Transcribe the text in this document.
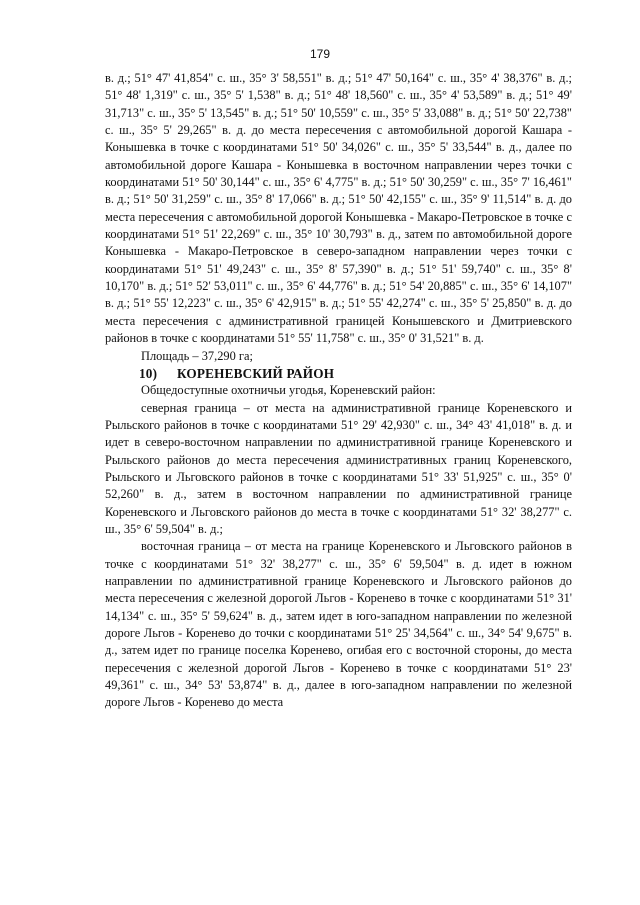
179

в. д.; 51° 47' 41,854" с. ш., 35° 3' 58,551" в. д.; 51° 47' 50,164" с. ш., 35° 4' 38,376" в. д.; 51° 48' 1,319" с. ш., 35° 5' 1,538" в. д.; 51° 48' 18,560" с. ш., 35° 4' 53,589" в. д.; 51° 49' 31,713" с. ш., 35° 5' 13,545" в. д.; 51° 50' 10,559" с. ш., 35° 5' 33,088" в. д.; 51° 50' 22,738" с. ш., 35° 5' 29,265" в. д. до места пересечения с автомобильной дорогой Кашара - Конышевка в точке с координатами 51° 50' 34,026" с. ш., 35° 5' 33,544" в. д., далее по автомобильной дороге Кашара - Конышевка в восточном направлении через точки с координатами 51° 50' 30,144" с. ш., 35° 6' 4,775" в. д.; 51° 50' 30,259" с. ш., 35° 7' 16,461" в. д.; 51° 50' 31,259" с. ш., 35° 8' 17,066" в. д.; 51° 50' 42,155" с. ш., 35° 9' 11,514" в. д. до места пересечения с автомобильной дорогой Конышевка - Макаро-Петровское в точке с координатами 51° 51' 22,269" с. ш., 35° 10' 30,793" в. д., затем по автомобильной дороге Конышевка - Макаро-Петровское в северо-западном направлении через точки с координатами 51° 51' 49,243" с. ш., 35° 8' 57,390" в. д.; 51° 51' 59,740" с. ш., 35° 8' 10,170" в. д.; 51° 52' 53,011" с. ш., 35° 6' 44,776" в. д.; 51° 54' 20,885" с. ш., 35° 6' 14,107" в. д.; 51° 55' 12,223" с. ш., 35° 6' 42,915" в. д.; 51° 55' 42,274" с. ш., 35° 5' 25,850" в. д. до места пересечения с административной границей Конышевского и Дмитриевского районов в точке с координатами 51° 55' 11,758" с. ш., 35° 0' 31,521" в. д.

Площадь – 37,290 га;

10) КОРЕНЕВСКИЙ РАЙОН

Общедоступные охотничьи угодья, Кореневский район:

северная граница – от места на административной границе Кореневского и Рыльского районов в точке с координатами 51° 29' 42,930" с. ш., 34° 43' 41,018" в. д. и идет в северо-восточном направлении по административной границе Кореневского и Рыльского районов до места пересечения административных границ Кореневского, Рыльского и Льговского районов в точке с координатами 51° 33' 51,925" с. ш., 35° 0' 52,260" в. д., затем в восточном направлении по административной границе Кореневского и Льговского районов до места в точке с координатами 51° 32' 38,277" с. ш., 35° 6' 59,504" в. д.;

восточная граница – от места на границе Кореневского и Льговского районов в точке с координатами 51° 32' 38,277" с. ш., 35° 6' 59,504" в. д. идет в южном направлении по административной границе Кореневского и Льговского районов до места пересечения с железной дорогой Льгов - Коренево в точке с координатами 51° 31' 14,134" с. ш., 35° 5' 59,624" в. д., затем идет в юго-западном направлении по железной дороге Льгов - Коренево до точки с координатами 51° 25' 34,564" с. ш., 34° 54' 9,675" в. д., затем идет по границе поселка Коренево, огибая его с восточной стороны, до места пересечения с железной дорогой Льгов - Коренево в точке с координатами 51° 23' 49,361" с. ш., 34° 53' 53,874" в. д., далее в юго-западном направлении по железной дороге Льгов - Коренево до места
